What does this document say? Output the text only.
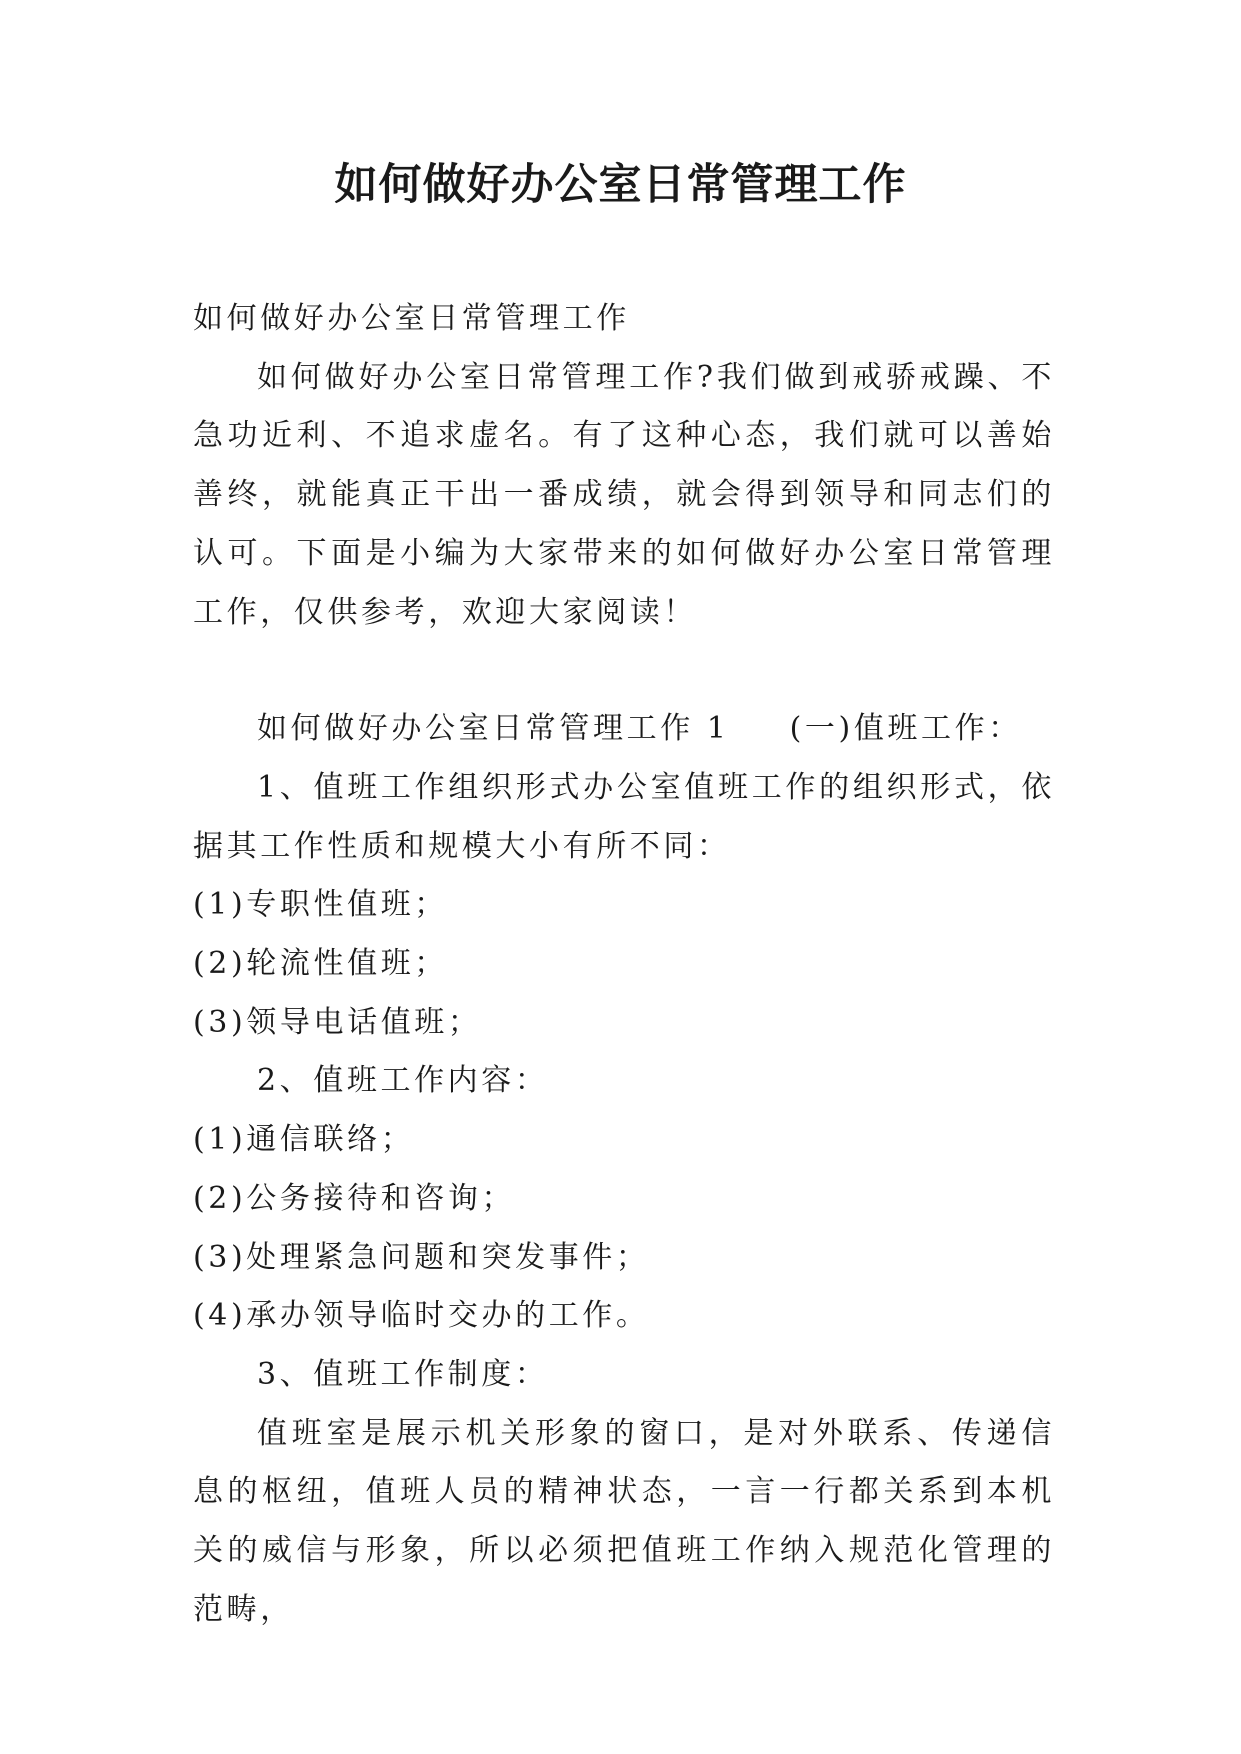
如何做好办公室日常管理工作

如何做好办公室日常管理工作

如何做好办公室日常管理工作?我们做到戒骄戒躁、不急功近利、不追求虚名。有了这种心态，我们就可以善始善终，就能真正干出一番成绩，就会得到领导和同志们的认可。下面是小编为大家带来的如何做好办公室日常管理工作，仅供参考，欢迎大家阅读！

如何做好办公室日常管理工作 1 (一)值班工作：

1、值班工作组织形式办公室值班工作的组织形式，依据其工作性质和规模大小有所不同：

(1)专职性值班；

(2)轮流性值班；

(3)领导电话值班；

2、值班工作内容：

(1)通信联络；

(2)公务接待和咨询；

(3)处理紧急问题和突发事件；

(4)承办领导临时交办的工作。

3、值班工作制度：

值班室是展示机关形象的窗口，是对外联系、传递信息的枢纽，值班人员的精神状态，一言一行都关系到本机关的威信与形象，所以必须把值班工作纳入规范化管理的范畴，
